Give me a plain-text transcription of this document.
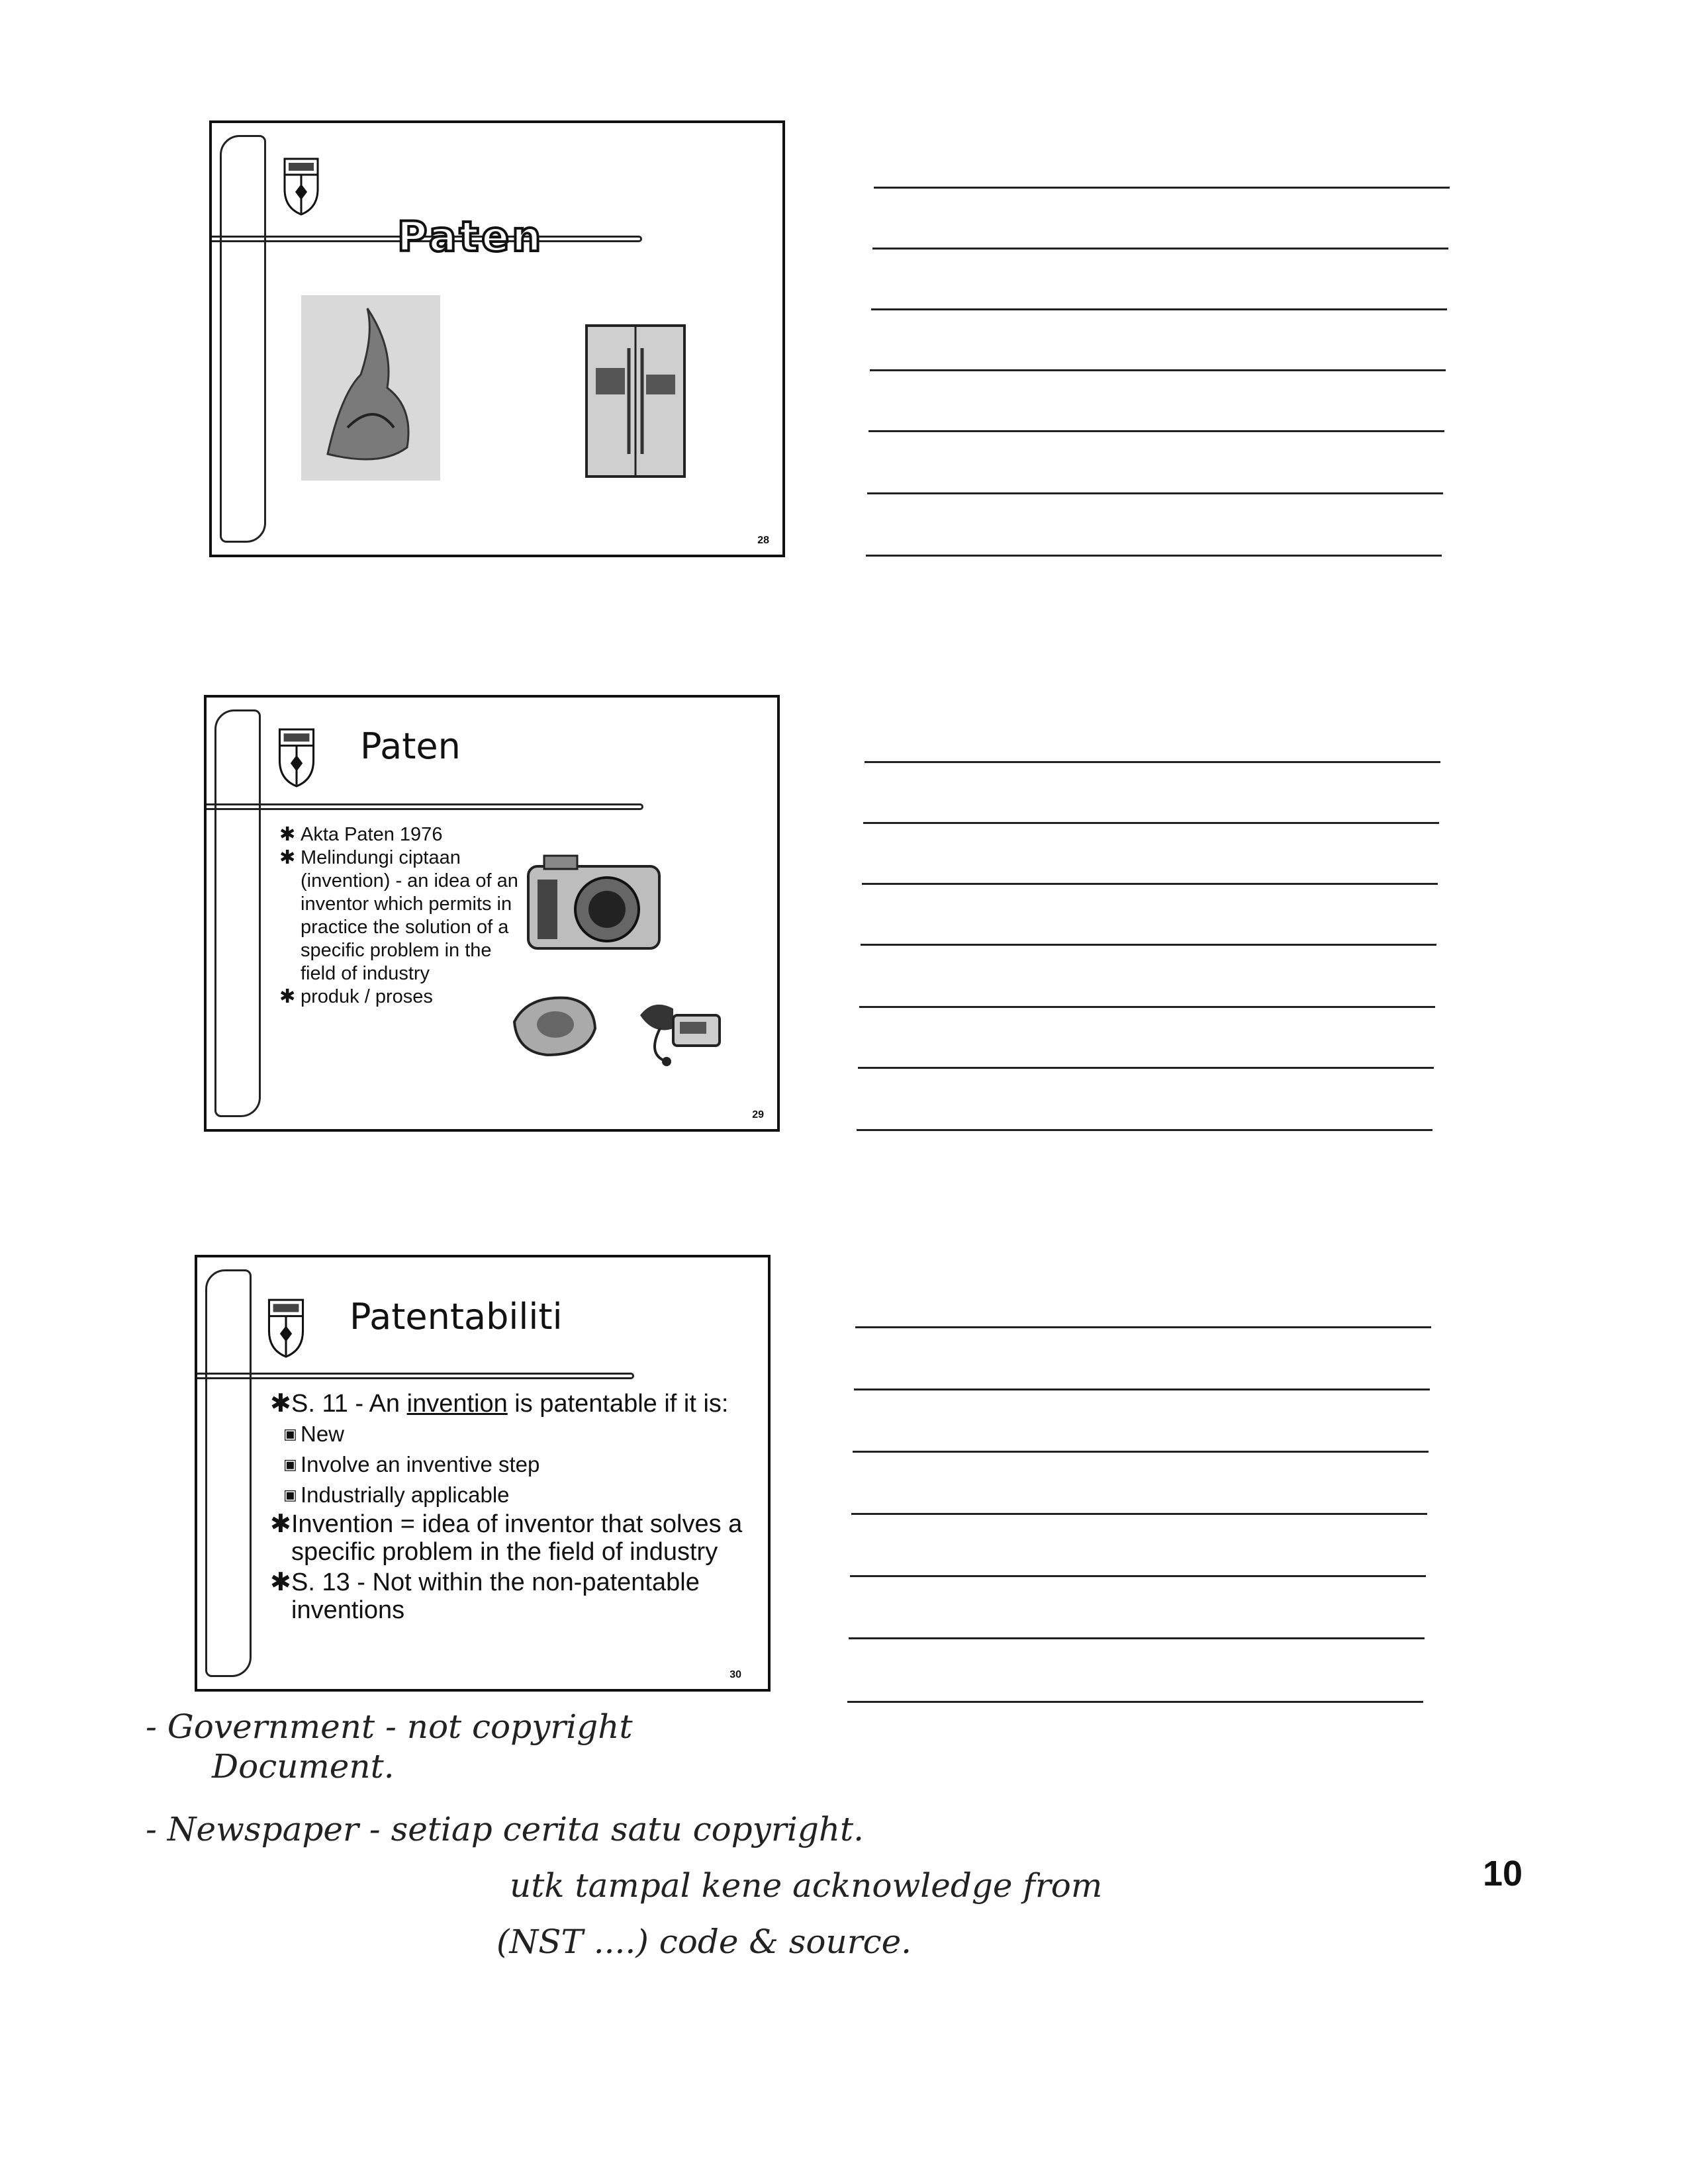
Paten
28
Paten
✱ Akta Paten 1976
✱ Melindungi ciptaan (invention) - an idea of an inventor which permits in practice the solution of a specific problem in the field of industry
✱ produk / proses
29
Patentabiliti
✱ S. 11 - An invention is patentable if it is:
▣ New
▣ Involve an inventive step
▣ Industrially applicable
✱ Invention = idea of inventor that solves a specific problem in the field of industry
✱ S. 13 - Not within the non-patentable inventions
30
- Government - not copyright
Document.
- Newspaper - setiap cerita satu copyright.
utk tampal kene acknowledge from
(NST ....) code & source.
10
